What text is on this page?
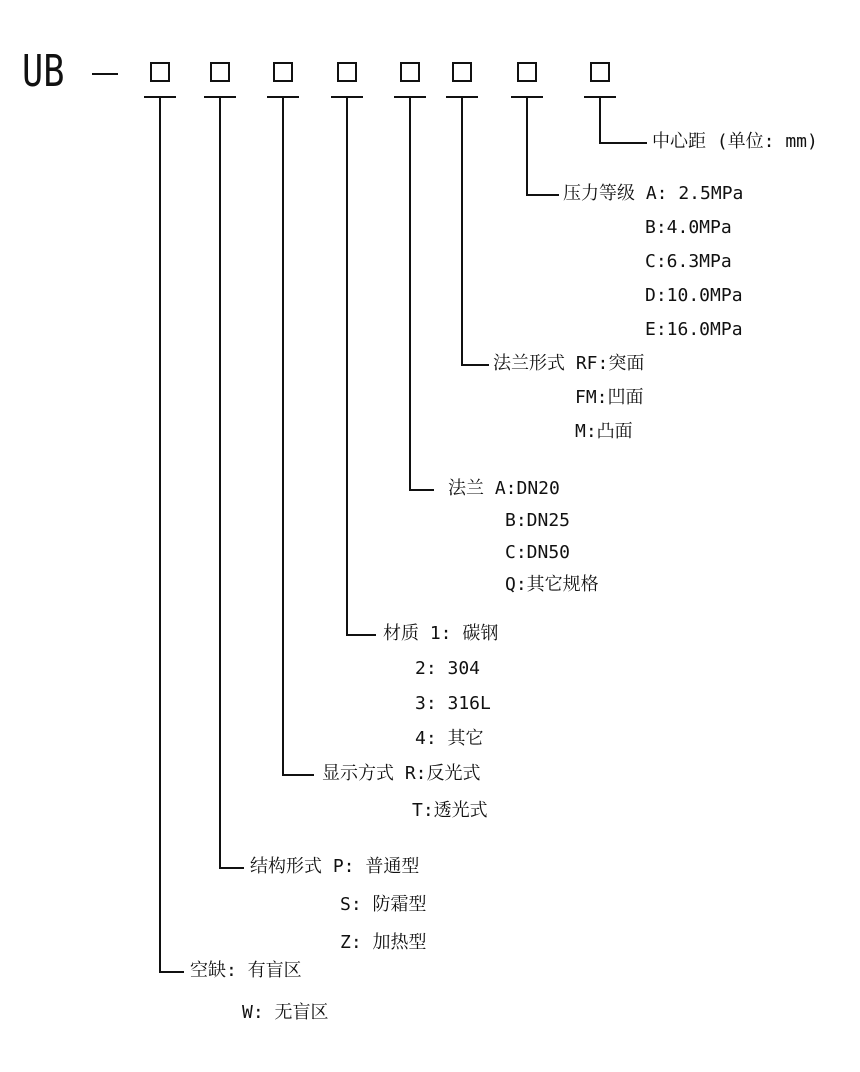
UB
空缺: 有盲区
W: 无盲区
结构形式 P: 普通型
S: 防霜型
Z: 加热型
显示方式 R:反光式
T:透光式
材质 1: 碳钢
2: 304
3: 316L
4: 其它
法兰 A:DN20
B:DN25
C:DN50
Q:其它规格
法兰形式 RF:突面
FM:凹面
M:凸面
压力等级 A: 2.5MPa
B:4.0MPa
C:6.3MPa
D:10.0MPa
E:16.0MPa
中心距 (单位: mm)
